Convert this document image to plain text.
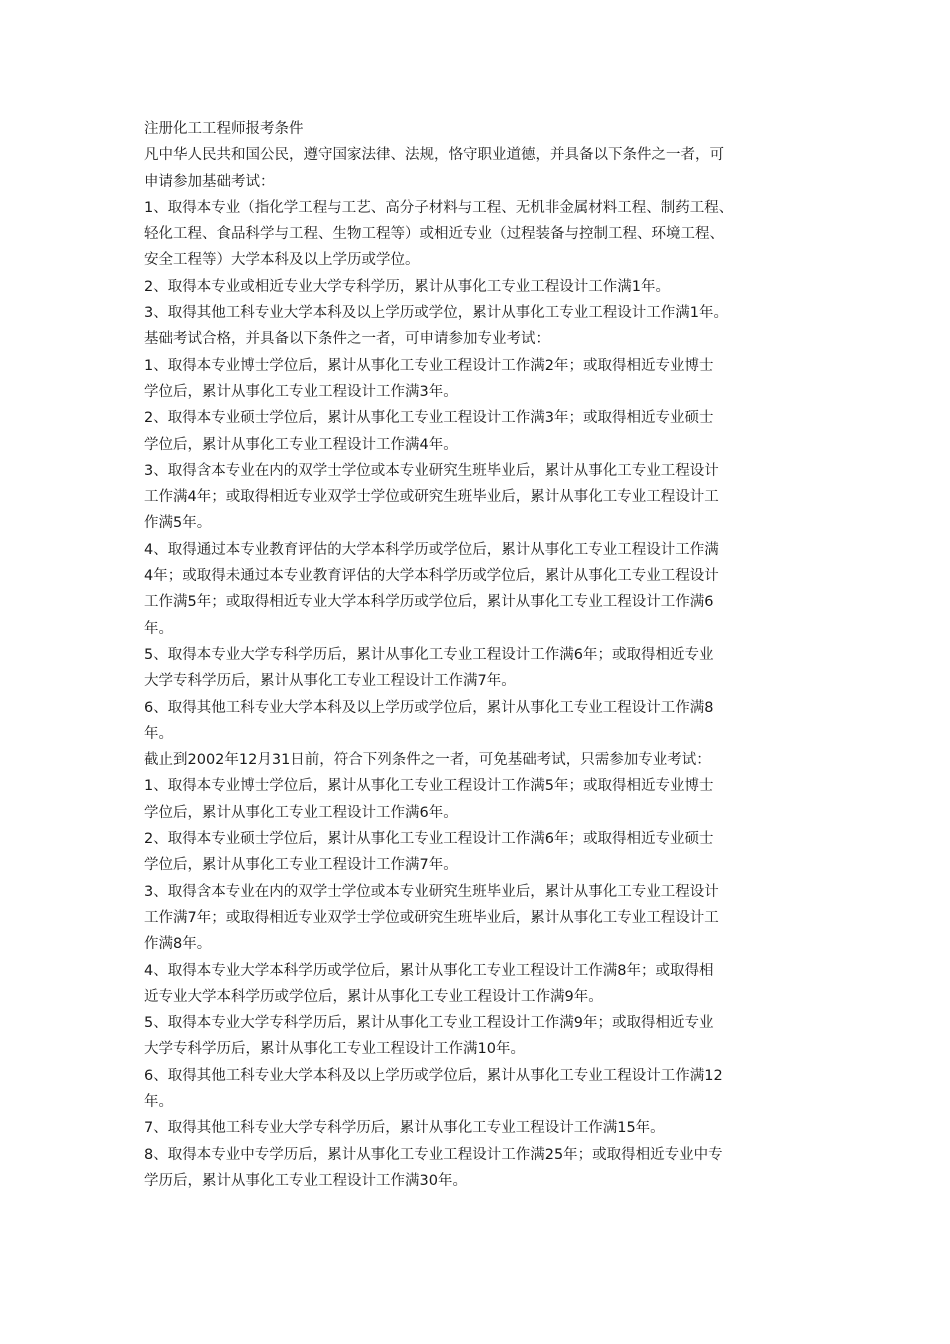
注册化工工程师报考条件

凡中华人民共和国公民，遵守国家法律、法规，恪守职业道德，并具备以下条件之一者，可
申请参加基础考试：

1、取得本专业（指化学工程与工艺、高分子材料与工程、无机非金属材料工程、制药工程、
轻化工程、食品科学与工程、生物工程等）或相近专业（过程装备与控制工程、环境工程、
安全工程等）大学本科及以上学历或学位。

2、取得本专业或相近专业大学专科学历，累计从事化工专业工程设计工作满1年。

3、取得其他工科专业大学本科及以上学历或学位，累计从事化工专业工程设计工作满1年。

基础考试合格，并具备以下条件之一者，可申请参加专业考试：

1、取得本专业博士学位后，累计从事化工专业工程设计工作满2年；或取得相近专业博士
学位后，累计从事化工专业工程设计工作满3年。

2、取得本专业硕士学位后，累计从事化工专业工程设计工作满3年；或取得相近专业硕士
学位后，累计从事化工专业工程设计工作满4年。

3、取得含本专业在内的双学士学位或本专业研究生班毕业后，累计从事化工专业工程设计
工作满4年；或取得相近专业双学士学位或研究生班毕业后，累计从事化工专业工程设计工
作满5年。

4、取得通过本专业教育评估的大学本科学历或学位后，累计从事化工专业工程设计工作满
4年；或取得未通过本专业教育评估的大学本科学历或学位后，累计从事化工专业工程设计
工作满5年；或取得相近专业大学本科学历或学位后，累计从事化工专业工程设计工作满6
年。

5、取得本专业大学专科学历后，累计从事化工专业工程设计工作满6年；或取得相近专业
大学专科学历后，累计从事化工专业工程设计工作满7年。

6、取得其他工科专业大学本科及以上学历或学位后，累计从事化工专业工程设计工作满8
年。

截止到2002年12月31日前，符合下列条件之一者，可免基础考试，只需参加专业考试：

1、取得本专业博士学位后，累计从事化工专业工程设计工作满5年；或取得相近专业博士
学位后，累计从事化工专业工程设计工作满6年。

2、取得本专业硕士学位后，累计从事化工专业工程设计工作满6年；或取得相近专业硕士
学位后，累计从事化工专业工程设计工作满7年。

3、取得含本专业在内的双学士学位或本专业研究生班毕业后，累计从事化工专业工程设计
工作满7年；或取得相近专业双学士学位或研究生班毕业后，累计从事化工专业工程设计工
作满8年。

4、取得本专业大学本科学历或学位后，累计从事化工专业工程设计工作满8年；或取得相
近专业大学本科学历或学位后，累计从事化工专业工程设计工作满9年。

5、取得本专业大学专科学历后，累计从事化工专业工程设计工作满9年；或取得相近专业
大学专科学历后，累计从事化工专业工程设计工作满10年。

6、取得其他工科专业大学本科及以上学历或学位后，累计从事化工专业工程设计工作满12
年。

7、取得其他工科专业大学专科学历后，累计从事化工专业工程设计工作满15年。

8、取得本专业中专学历后，累计从事化工专业工程设计工作满25年；或取得相近专业中专
学历后，累计从事化工专业工程设计工作满30年。
